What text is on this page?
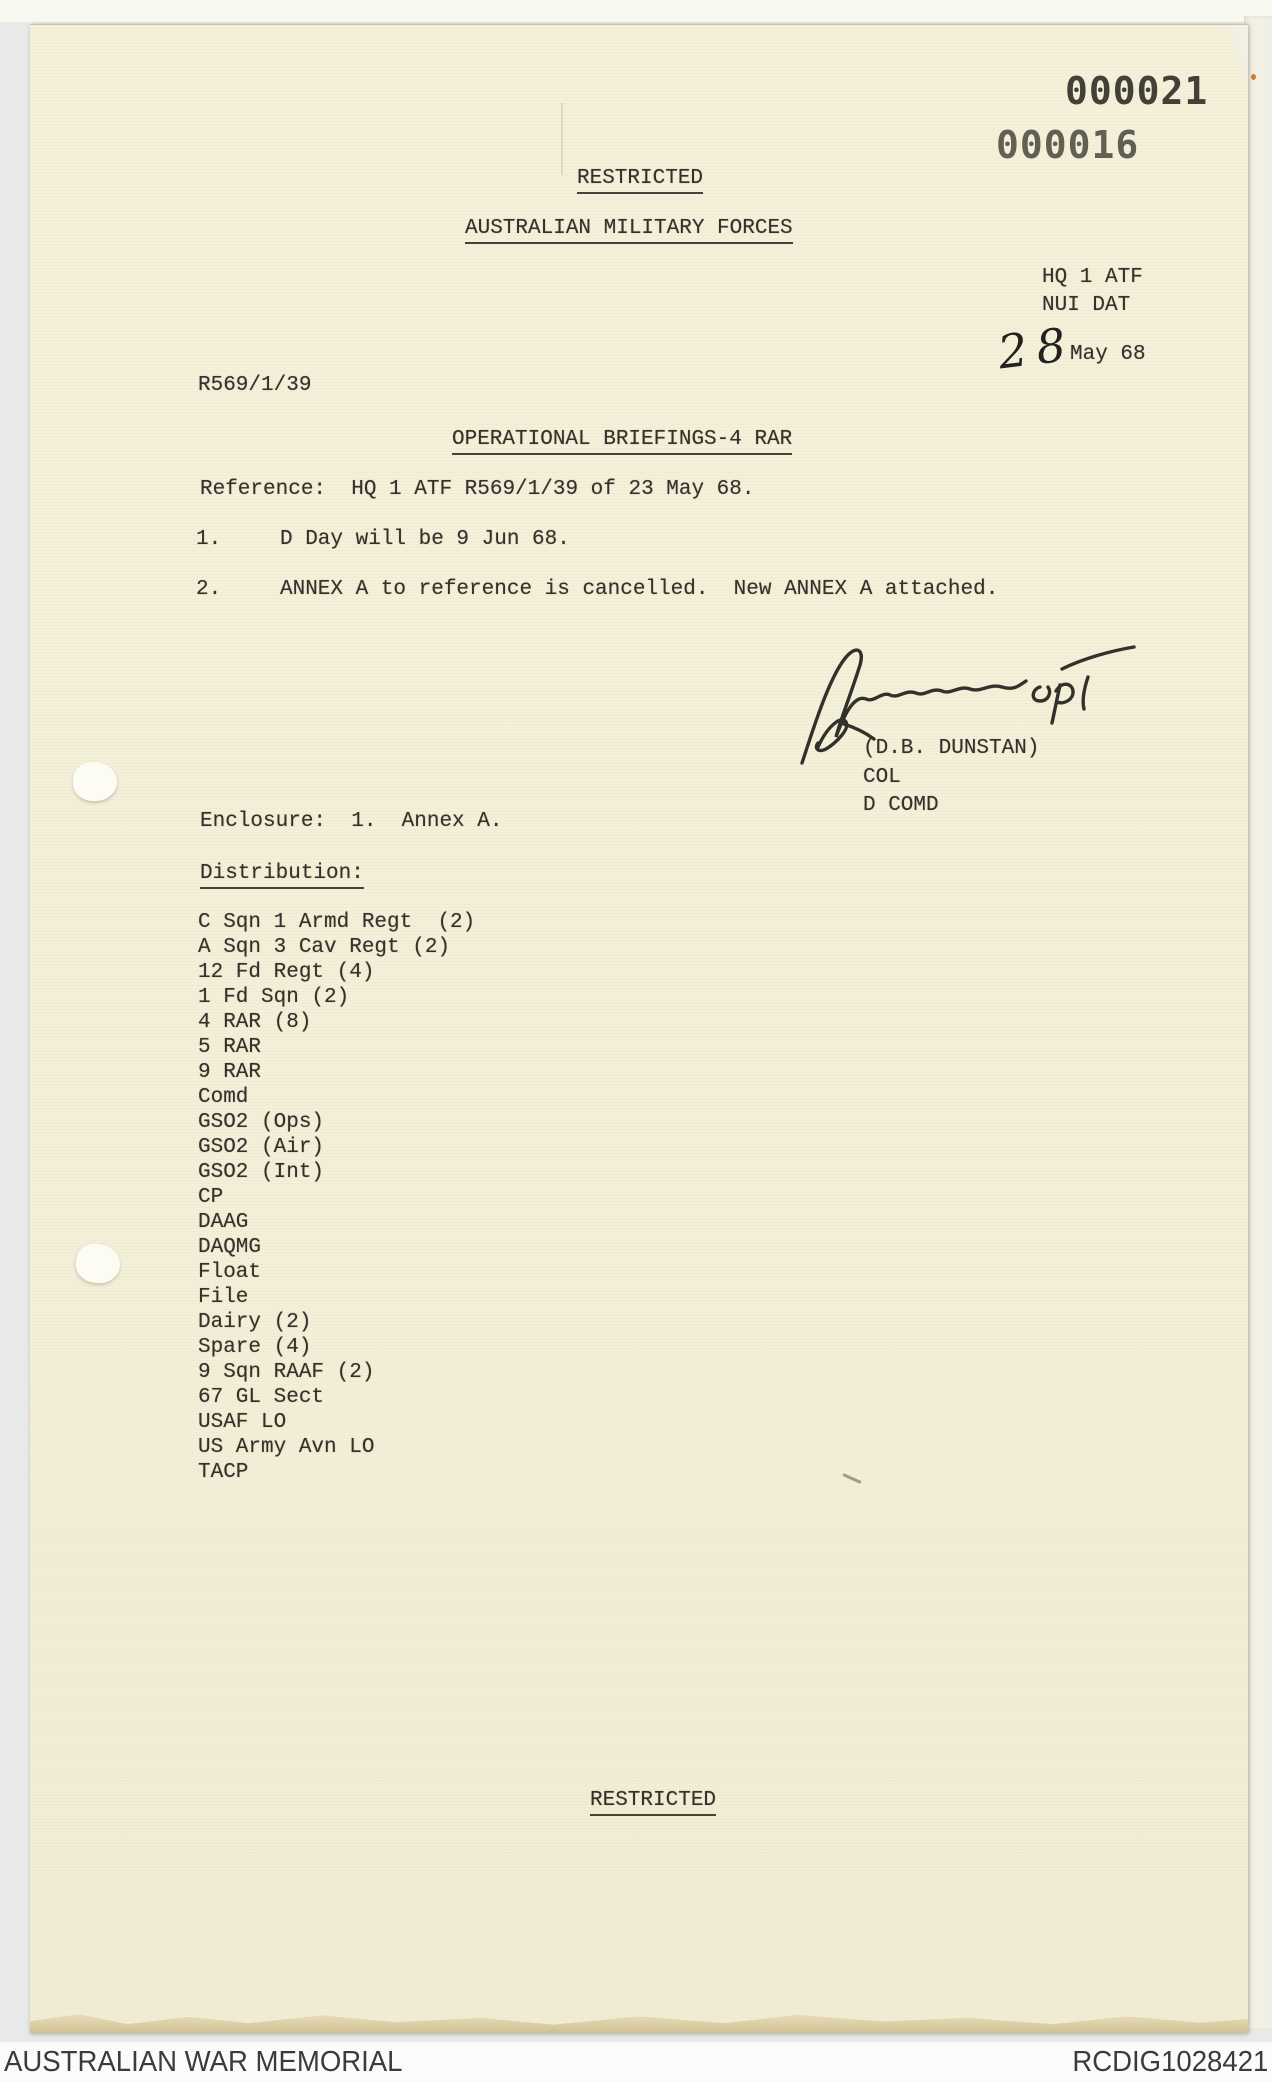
000021
000016
RESTRICTED
AUSTRALIAN MILITARY FORCES
HQ 1 ATF
NUI DAT
28
May 68
R569/1/39
OPERATIONAL BRIEFINGS-4 RAR
Reference:  HQ 1 ATF R569/1/39 of 23 May 68.
1.	D Day will be 9 Jun 68.
2.	ANNEX A to reference is cancelled.  New ANNEX A attached.
(D.B. DUNSTAN)
COL
D COMD
Enclosure:  1.  Annex A.
Distribution:
C Sqn 1 Armd Regt  (2)
A Sqn 3 Cav Regt (2)
12 Fd Regt (4)
1 Fd Sqn (2)
4 RAR (8)
5 RAR
9 RAR
Comd
GSO2 (Ops)
GSO2 (Air)
GSO2 (Int)
CP
DAAG
DAQMG
Float
File
Dairy (2)
Spare (4)
9 Sqn RAAF (2)
67 GL Sect
USAF LO
US Army Avn LO
TACP
RESTRICTED
AUSTRALIAN WAR MEMORIAL	RCDIG1028421
